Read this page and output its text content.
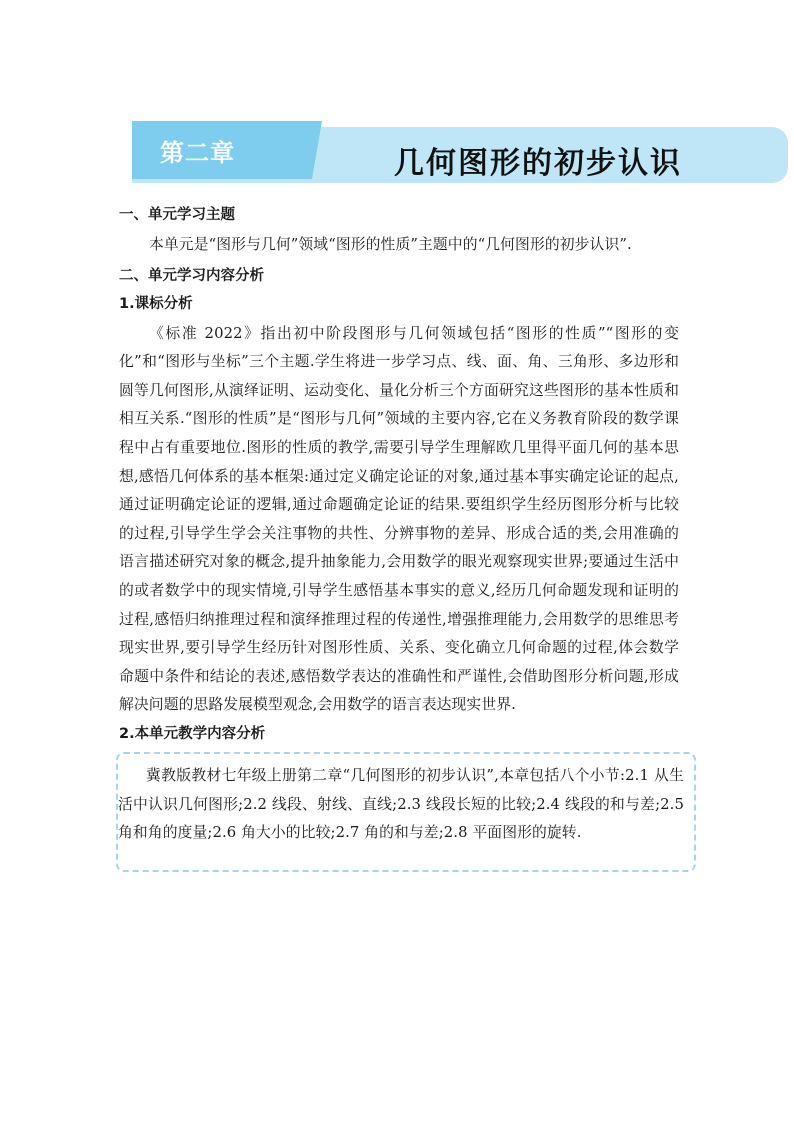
第二章	几何图形的初步认识
一、单元学习主题

本单元是“图形与几何”领域“图形的性质”主题中的“几何图形的初步认识”.

二、单元学习内容分析
1.课标分析

《标准 2022》指出初中阶段图形与几何领域包括“图形的性质”“图形的变化”和“图形与坐标”三个主题.学生将进一步学习点、线、面、角、三角形、多边形和圆等几何图形,从演绎证明、运动变化、量化分析三个方面研究这些图形的基本性质和相互关系.“图形的性质”是“图形与几何”领域的主要内容,它在义务教育阶段的数学课程中占有重要地位.图形的性质的教学,需要引导学生理解欧几里得平面几何的基本思想,感悟几何体系的基本框架:通过定义确定论证的对象,通过基本事实确定论证的起点,通过证明确定论证的逻辑,通过命题确定论证的结果.要组织学生经历图形分析与比较的过程,引导学生学会关注事物的共性、分辨事物的差异、形成合适的类,会用准确的语言描述研究对象的概念,提升抽象能力,会用数学的眼光观察现实世界;要通过生活中的或者数学中的现实情境,引导学生感悟基本事实的意义,经历几何命题发现和证明的过程,感悟归纳推理过程和演绎推理过程的传递性,增强推理能力,会用数学的思维思考现实世界,要引导学生经历针对图形性质、关系、变化确立几何命题的过程,体会数学命题中条件和结论的表述,感悟数学表达的准确性和严谨性,会借助图形分析问题,形成解决问题的思路发展模型观念,会用数学的语言表达现实世界.

2.本单元教学内容分析

冀教版教材七年级上册第二章“几何图形的初步认识”,本章包括八个小节:2.1 从生活中认识几何图形;2.2 线段、射线、直线;2.3 线段长短的比较;2.4 线段的和与差;2.5 角和角的度量;2.6 角大小的比较;2.7 角的和与差;2.8 平面图形的旋转.
